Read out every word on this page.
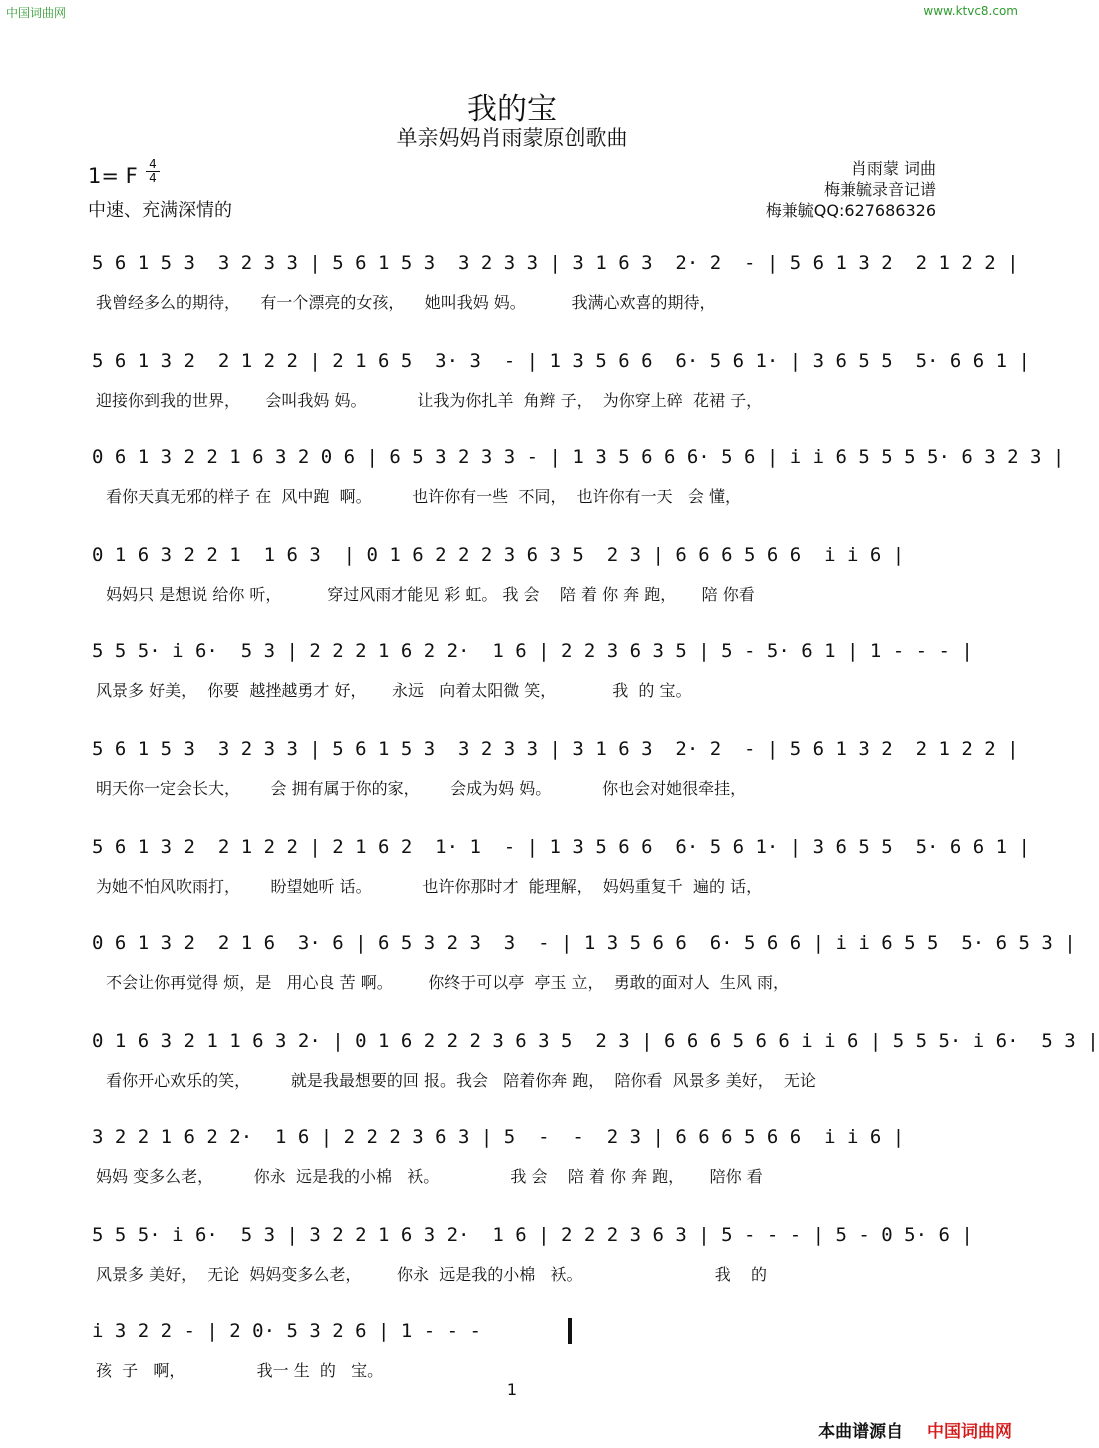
中国词曲网	www.ktvc8.com
我的宝
单亲妈妈肖雨蒙原创歌曲
1= F 4
4
中速、充满深情的
肖雨蒙 词曲
梅兼毓录音记谱
梅兼毓QQ:627686326
5 6 1 5 3  3 2 3 3 | 5 6 1 5 3  3 2 3 3 | 3 1 6 3  2· 2  - | 5 6 1 3 2  2 1 2 2 |
我曾经多么的期待，    有一个漂亮的女孩，    她叫我妈 妈。         我满心欢喜的期待，
5 6 1 3 2  2 1 2 2 | 2 1 6 5  3· 3  - | 1 3 5 6 6  6· 5 6 1· | 3 6 5 5  5· 6 6 1 |
迎接你到我的世界，     会叫我妈 妈。          让我为你扎羊  角辫 子，  为你穿上碎  花裙 子，
0 6 1 3 2 2 1 6 3 2 0 6 | 6 5 3 2 3 3 - | 1 3 5 6 6 6· 5 6 | i i 6 5 5 5 5· 6 3 2 3 |
看你天真无邪的样子 在  风中跑  啊。        也许你有一些  不同，  也许你有一天   会 懂，
0 1 6 3 2 2 1  1 6 3  | 0 1 6 2 2 2 3 6 3 5  2 3 | 6 6 6 5 6 6  i i 6 |
妈妈只 是想说 给你 听，         穿过风雨才能见 彩 虹。 我 会    陪 着 你 奔 跑，     陪 你看
5 5 5· i 6·  5 3 | 2 2 2 1 6 2 2·  1 6 | 2 2 3 6 3 5 | 5 - 5· 6 1 | 1 - - - |
风景多 好美，  你要  越挫越勇才 好，     永远   向着太阳微 笑，           我  的 宝。
5 6 1 5 3  3 2 3 3 | 5 6 1 5 3  3 2 3 3 | 3 1 6 3  2· 2  - | 5 6 1 3 2  2 1 2 2 |
明天你一定会长大，      会 拥有属于你的家，      会成为妈 妈。          你也会对她很牵挂，
5 6 1 3 2  2 1 2 2 | 2 1 6 2  1· 1  - | 1 3 5 6 6  6· 5 6 1· | 3 6 5 5  5· 6 6 1 |
为她不怕风吹雨打，      盼望她听 话。          也许你那时才  能理解，  妈妈重复千  遍的 话，
0 6 1 3 2  2 1 6  3· 6 | 6 5 3 2 3  3  - | 1 3 5 6 6  6· 5 6 6 | i i 6 5 5  5· 6 5 3 |
不会让你再觉得 烦，是   用心良 苦 啊。       你终于可以亭  亭玉 立，  勇敢的面对人  生风 雨，
0 1 6 3 2 1 1 6 3 2· | 0 1 6 2 2 2 3 6 3 5  2 3 | 6 6 6 5 6 6 i i 6 | 5 5 5· i 6·  5 3 |
看你开心欢乐的笑，        就是我最想要的回 报。我会   陪着你奔 跑，  陪你看  风景多 美好，  无论
3 2 2 1 6 2 2·  1 6 | 2 2 2 3 6 3 | 5  -  -  2 3 | 6 6 6 5 6 6  i i 6 |
妈妈 变多么老，        你永  远是我的小棉   袄。              我 会    陪 着 你 奔 跑，     陪你 看
5 5 5· i 6·  5 3 | 3 2 2 1 6 3 2·  1 6 | 2 2 2 3 6 3 | 5 - - - | 5 - 0 5· 6 |
风景多 美好，  无论  妈妈变多么老，       你永  远是我的小棉   袄。                          我    的
i 3 2 2 - | 2 0· 5 3 2 6 | 1 - - -
孩  子   啊，              我一 生  的   宝。
1
本曲谱源自 中国词曲网
